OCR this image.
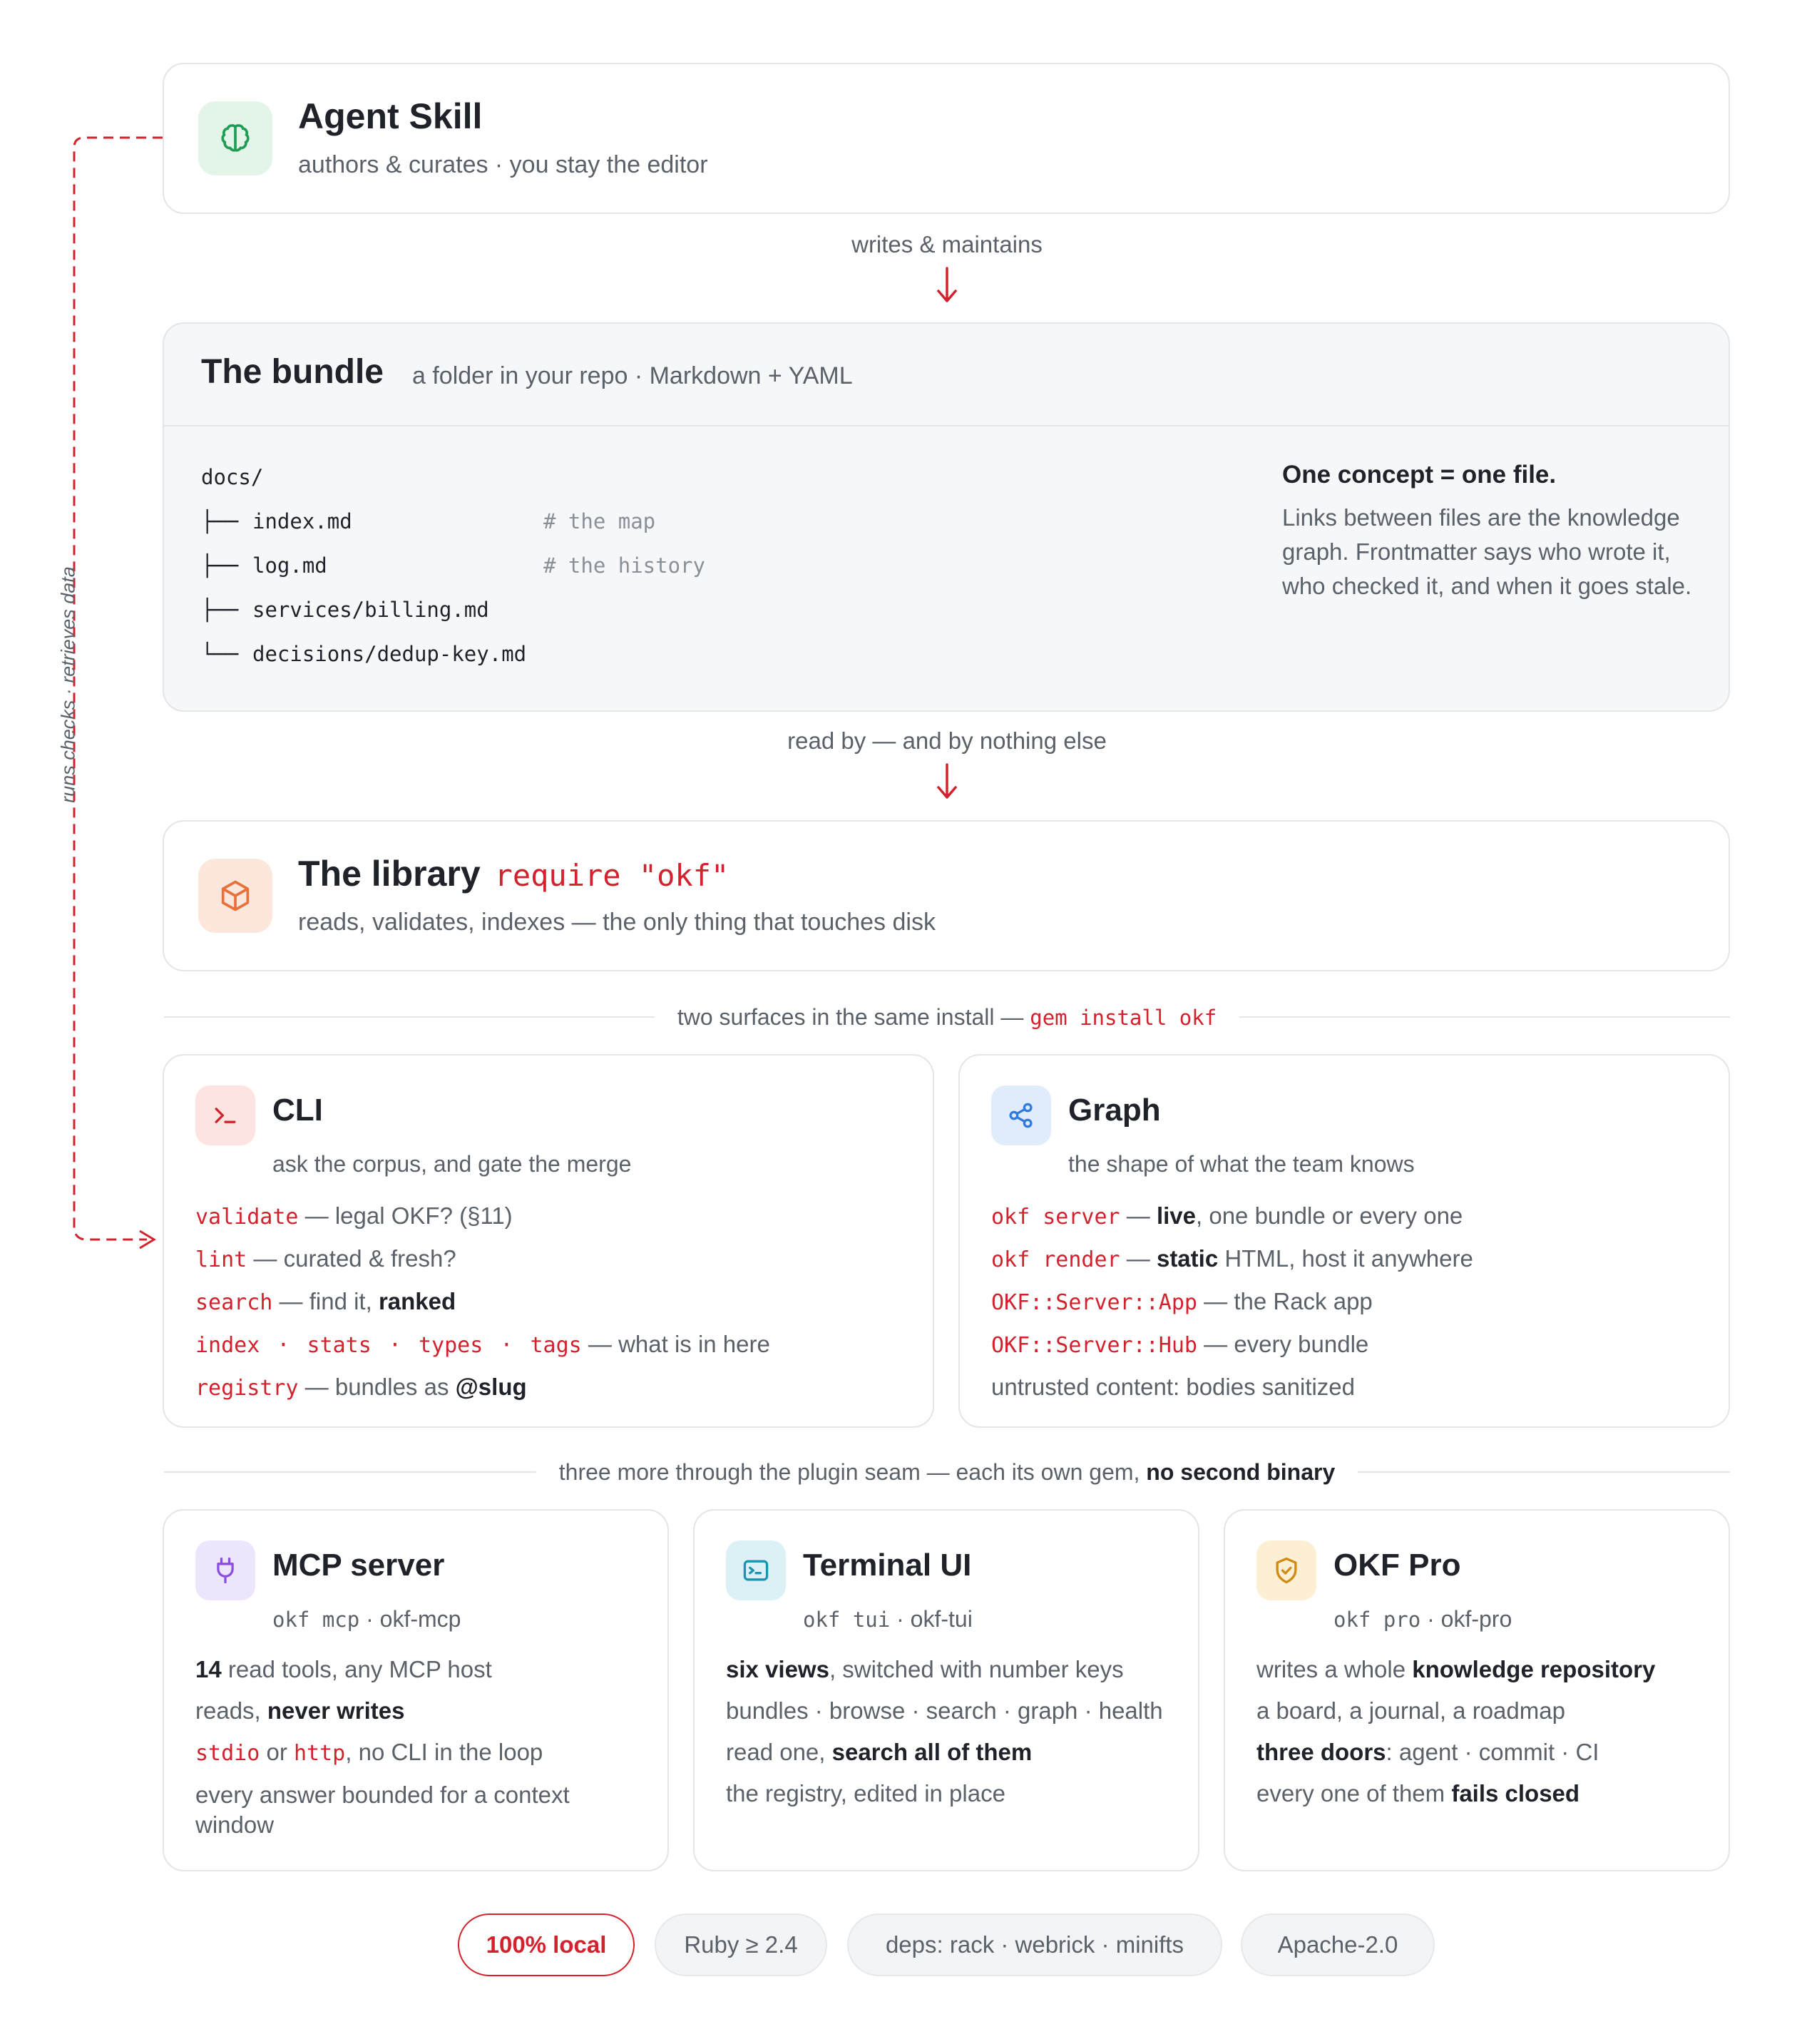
runs checks · retrieves data
Agent Skill
authors & curates · you stay the editor
writes & maintains
The bundle a folder in your repo · Markdown + YAML
docs/
├── index.md	# the map
├── log.md	# the history
├── services/billing.md
└── decisions/dedup-key.md
One concept = one file.
Links between files are the knowledge graph. Frontmatter says who wrote it, who checked it, and when it goes stale.
read by — and by nothing else
The library require "okf"
reads, validates, indexes — the only thing that touches disk
two surfaces in the same install — gem install okf
CLI
ask the corpus, and gate the merge
validate — legal OKF? (§11)
lint — curated & fresh?
search — find it, ranked
index · stats · types · tags — what is in here
registry — bundles as @slug
Graph
the shape of what the team knows
okf server — live, one bundle or every one
okf render — static HTML, host it anywhere
OKF::Server::App — the Rack app
OKF::Server::Hub — every bundle
untrusted content: bodies sanitized
three more through the plugin seam — each its own gem, no second binary
MCP server
okf mcp · okf-mcp
14 read tools, any MCP host
reads, never writes
stdio or http, no CLI in the loop
every answer bounded for a context window
Terminal UI
okf tui · okf-tui
six views, switched with number keys
bundles · browse · search · graph · health
read one, search all of them
the registry, edited in place
OKF Pro
okf pro · okf-pro
writes a whole knowledge repository
a board, a journal, a roadmap
three doors: agent · commit · CI
every one of them fails closed
100% local	Ruby ≥ 2.4	deps: rack · webrick · minifts	Apache-2.0
